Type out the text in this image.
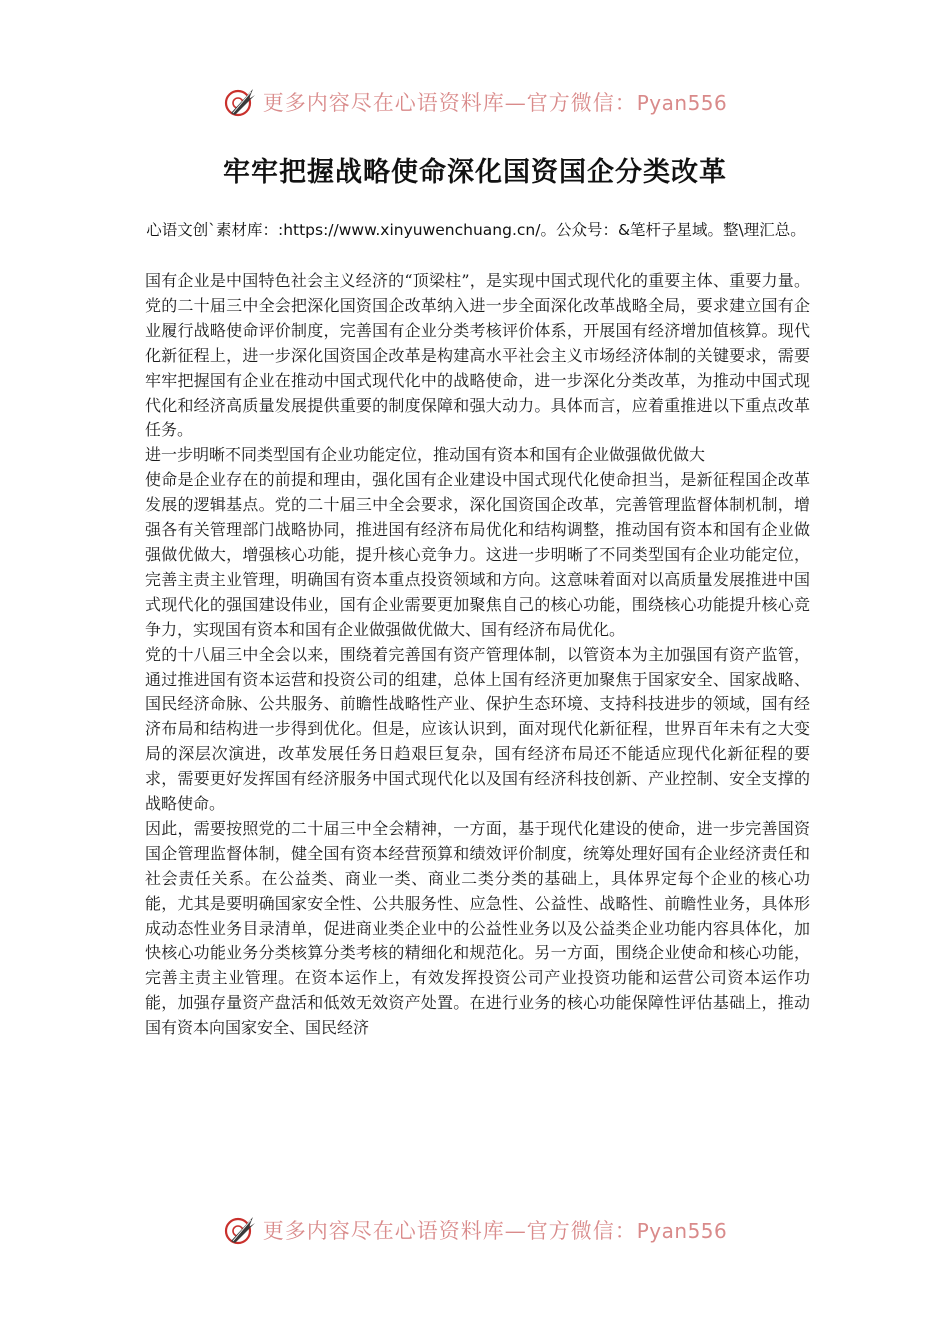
更多内容尽在心语资料库—官方微信：Pyan556
牢牢把握战略使命深化国资国企分类改革
心语文创`素材库：:https://www.xinyuwenchuang.cn/。公众号：&笔杆子星域。整\理汇总。

国有企业是中国特色社会主义经济的“顶梁柱”，是实现中国式现代化的重要主体、重要力量。党的二十届三中全会把深化国资国企改革纳入进一步全面深化改革战略全局，要求建立国有企业履行战略使命评价制度，完善国有企业分类考核评价体系，开展国有经济增加值核算。现代化新征程上，进一步深化国资国企改革是构建高水平社会主义市场经济体制的关键要求，需要牢牢把握国有企业在推动中国式现代化中的战略使命，进一步深化分类改革，为推动中国式现代化和经济高质量发展提供重要的制度保障和强大动力。具体而言，应着重推进以下重点改革任务。

进一步明晰不同类型国有企业功能定位，推动国有资本和国有企业做强做优做大

使命是企业存在的前提和理由，强化国有企业建设中国式现代化使命担当，是新征程国企改革发展的逻辑基点。党的二十届三中全会要求，深化国资国企改革，完善管理监督体制机制，增强各有关管理部门战略协同，推进国有经济布局优化和结构调整，推动国有资本和国有企业做强做优做大，增强核心功能，提升核心竞争力。这进一步明晰了不同类型国有企业功能定位，完善主责主业管理，明确国有资本重点投资领域和方向。这意味着面对以高质量发展推进中国式现代化的强国建设伟业，国有企业需要更加聚焦自己的核心功能，围绕核心功能提升核心竞争力，实现国有资本和国有企业做强做优做大、国有经济布局优化。

党的十八届三中全会以来，围绕着完善国有资产管理体制，以管资本为主加强国有资产监管，通过推进国有资本运营和投资公司的组建，总体上国有经济更加聚焦于国家安全、国家战略、国民经济命脉、公共服务、前瞻性战略性产业、保护生态环境、支持科技进步的领域，国有经济布局和结构进一步得到优化。但是，应该认识到，面对现代化新征程，世界百年未有之大变局的深层次演进，改革发展任务日趋艰巨复杂，国有经济布局还不能适应现代化新征程的要求，需要更好发挥国有经济服务中国式现代化以及国有经济科技创新、产业控制、安全支撑的战略使命。

因此，需要按照党的二十届三中全会精神，一方面，基于现代化建设的使命，进一步完善国资国企管理监督体制，健全国有资本经营预算和绩效评价制度，统筹处理好国有企业经济责任和社会责任关系。在公益类、商业一类、商业二类分类的基础上，具体界定每个企业的核心功能，尤其是要明确国家安全性、公共服务性、应急性、公益性、战略性、前瞻性业务，具体形成动态性业务目录清单，促进商业类企业中的公益性业务以及公益类企业功能内容具体化，加快核心功能业务分类核算分类考核的精细化和规范化。另一方面，围绕企业使命和核心功能，完善主责主业管理。在资本运作上，有效发挥投资公司产业投资功能和运营公司资本运作功能，加强存量资产盘活和低效无效资产处置。在进行业务的核心功能保障性评估基础上，推动国有资本向国家安全、国民经济

更多内容尽在心语资料库—官方微信：Pyan556
